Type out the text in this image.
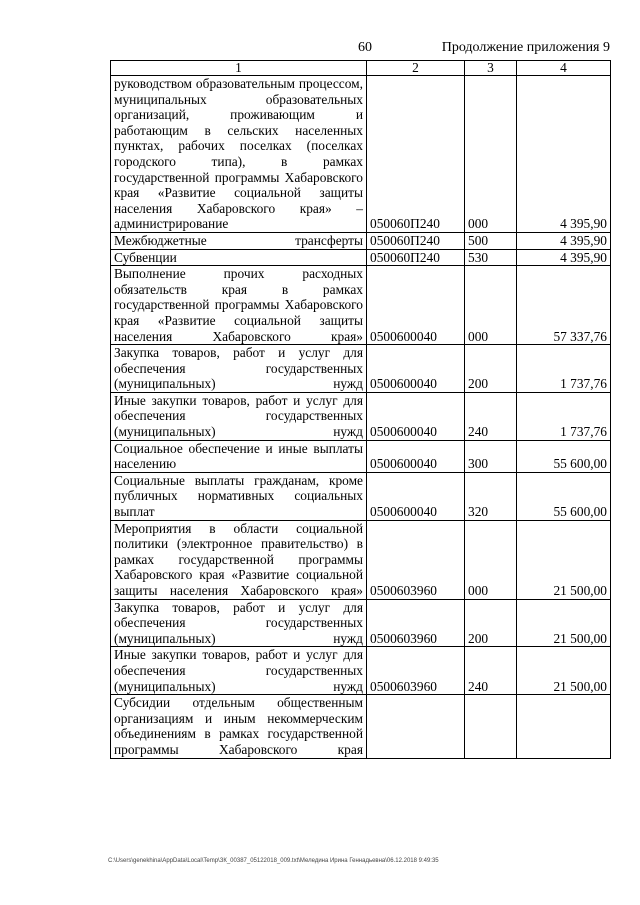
60	Продолжение приложения 9
1	2	3	4
руководством образовательным процессом, муниципальных образовательных организаций, проживающим и работающим в сельских населенных пунктах, рабочих поселках (поселках городского типа), в рамках государственной программы Хабаровского края «Развитие социальной защиты населения Хабаровского края» – администрирование	050060П240	000	4 395,90
Межбюджетные трансферты	050060П240	500	4 395,90
Субвенции	050060П240	530	4 395,90
Выполнение прочих расходных обязательств края в рамках государственной программы Хабаровского края «Развитие социальной защиты населения Хабаровского края»	0500600040	000	57 337,76
Закупка товаров, работ и услуг для обеспечения государственных (муниципальных) нужд	0500600040	200	1 737,76
Иные закупки товаров, работ и услуг для обеспечения государственных (муниципальных) нужд	0500600040	240	1 737,76
Социальное обеспечение и иные выплаты населению	0500600040	300	55 600,00
Социальные выплаты гражданам, кроме публичных нормативных социальных выплат	0500600040	320	55 600,00
Мероприятия в области социальной политики (электронное правительство) в рамках государственной программы Хабаровского края «Развитие социальной защиты населения Хабаровского края»	0500603960	000	21 500,00
Закупка товаров, работ и услуг для обеспечения государственных (муниципальных) нужд	0500603960	200	21 500,00
Иные закупки товаров, работ и услуг для обеспечения государственных (муниципальных) нужд	0500603960	240	21 500,00
Субсидии отдельным общественным организациям и иным некоммерческим объединениям в рамках государственной программы Хабаровского края			
C:\Users\genekhina\AppData\Local\Temp\ЗК_00387_05122018_009.txt\Меледина Ирина Геннадьевна\06.12.2018 9:49:35
